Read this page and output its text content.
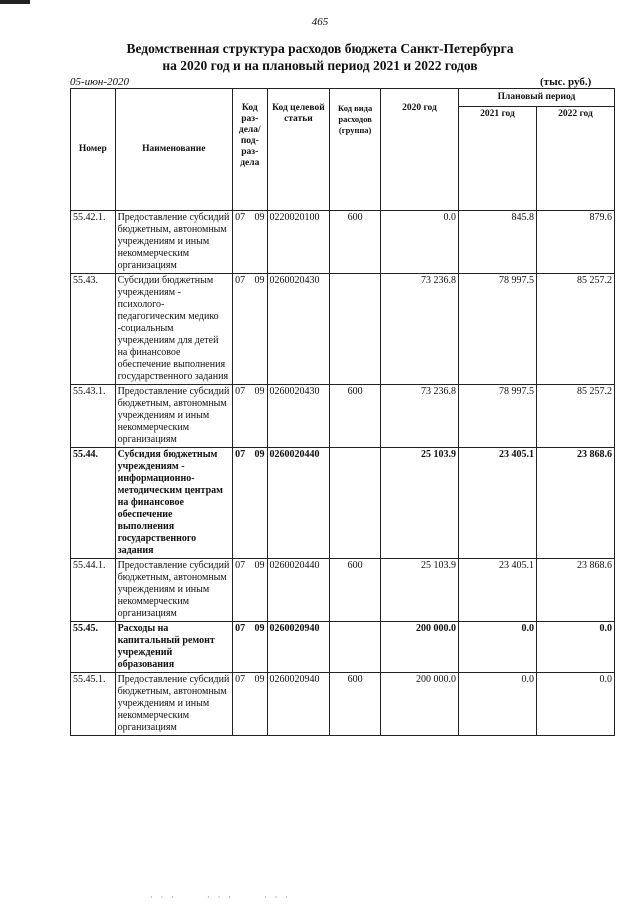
465
Ведомственная структура расходов бюджета Санкт-Петербурга
на 2020 год и на плановый период 2021 и 2022 годов
05-июн-2020	(тыс. руб.)
Номер	Наименование	Код раз-дела/ под-раз-дела	Код целевой статьи	Код вида расходов (группа)	2020 год	Плановый период	
						2021 год	2022 год
55.42.1.	Предоставление субсидий бюджетным, автономным учреждениям и иным некоммерческим организациям	07 09	0220020100	600	0.0	845.8	879.6
55.43.	Субсидии бюджетным учреждениям - психолого-педагогическим медико -социальным учреждениям для детей на финансовое обеспечение выполнения государственного задания	07 09	0260020430		73 236.8	78 997.5	85 257.2
55.43.1.	Предоставление субсидий бюджетным, автономным учреждениям и иным некоммерческим организациям	07 09	0260020430	600	73 236.8	78 997.5	85 257.2
55.44.	Субсидия бюджетным учреждениям - информационно-методическим центрам на финансовое обеспечение выполнения государственного задания	07 09	0260020440		25 103.9	23 405.1	23 868.6
55.44.1.	Предоставление субсидий бюджетным, автономным учреждениям и иным некоммерческим организациям	07 09	0260020440	600	25 103.9	23 405.1	23 868.6
55.45.	Расходы на капитальный ремонт учреждений образования	07 09	0260020940		200 000.0	0.0	0.0
55.45.1.	Предоставление субсидий бюджетным, автономным учреждениям и иным некоммерческим организациям	07 09	0260020940	600	200 000.0	0.0	0.0
· · ·      · · ·      · · ·
